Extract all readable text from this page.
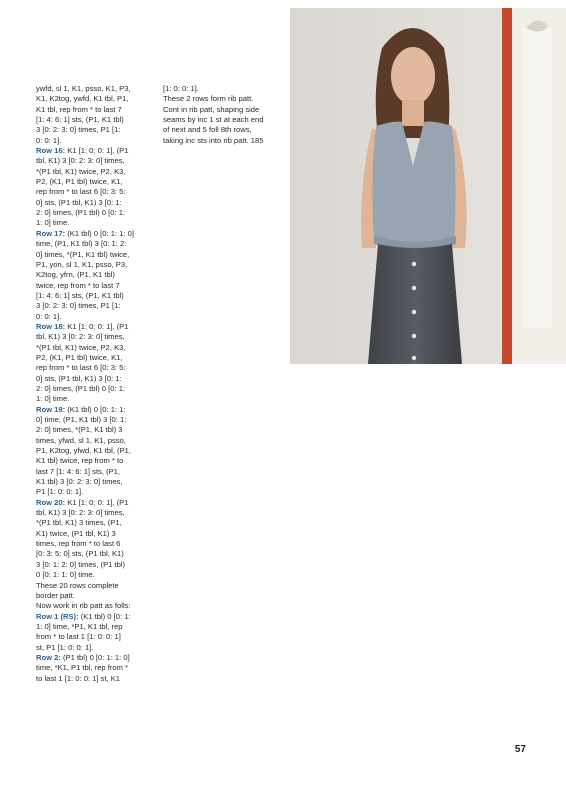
ywfd, sl 1, K1, psso, K1, P3,

K1, K2tog, ywfd, K1 tbl, P1,

K1 tbl, rep from * to last 7

[1: 4: 6: 1] sts, (P1, K1 tbl)

3 [0: 2: 3: 0] times, P1 [1:

0: 0: 1].

Row 16: K1 [1: 0: 0: 1], (P1

tbl, K1) 3 [0: 2: 3: 0] times,

*(P1 tbl, K1) twice, P2, K3,

P2, (K1, P1 tbl) twice, K1,

rep from * to last 6 [0: 3: 5:

0] sts, (P1 tbl, K1) 3 [0: 1:

2: 0] times, (P1 tbl) 0 [0: 1:

1: 0] time.

Row 17: (K1 tbl) 0 [0: 1: 1: 0]

time, (P1, K1 tbl) 3 [0: 1: 2:

0] times, *(P1, K1 tbl) twice,

P1, yon, sl 1, K1, psso, P3,

K2tog, yfrn, (P1, K1 tbl)

twice, rep from * to last 7

[1: 4: 6: 1] sts, (P1, K1 tbl)

3 [0: 2: 3: 0] times, P1 [1:

0: 0: 1].

Row 18: K1 [1: 0: 0: 1], (P1

tbl, K1) 3 [0: 2: 3: 0] times,

*(P1 tbl, K1) twice, P2, K3,

P2, (K1, P1 tbl) twice, K1,

rep from * to last 6 [0: 3: 5:

0] sts, (P1 tbl, K1) 3 [0: 1:

2: 0] times, (P1 tbl) 0 [0: 1:

1: 0] time.

Row 19: (K1 tbl) 0 [0: 1: 1:

0] time, (P1, K1 tbl) 3 [0: 1:

2: 0] times, *(P1, K1 tbl) 3

times, yfwd, sl 1, K1, psso,

P1, K2tog, yfwd, K1 tbl, (P1,

K1 tbl) twice, rep from * to

last 7 [1: 4: 6: 1] sts, (P1,

K1 tbl) 3 [0: 2: 3: 0] times,

P1 [1: 0: 0: 1].

Row 20: K1 [1: 0: 0: 1], (P1

tbl, K1) 3 [0: 2: 3: 0] times,

*(P1 tbl, K1) 3 times, (P1,

K1) twice, (P1 tbl, K1) 3

times, rep from * to last 6

[0: 3: 5: 0] sts, (P1 tbl, K1)

3 [0: 1: 2: 0] times, (P1 tbl)

0 [0: 1: 1: 0] time.

These 20 rows complete

border patt.

Now work in rib patt as folls:

Row 1 (RS): (K1 tbl) 0 [0: 1:

1: 0] time, *P1, K1 tbl, rep

from * to last 1 [1: 0: 0: 1]

st, P1 [1: 0: 0: 1].

Row 2: (P1 tbl) 0 [0: 1: 1: 0]

time, *K1, P1 tbl, rep from *

to last 1 [1: 0: 0: 1] st, K1

[1: 0: 0: 1].

These 2 rows form rib patt.

Cont in rib patt, shaping side

seams by inc 1 st at each end

of next and 5 foll 8th rows,

taking inc sts into rib patt. 185

57
PassionForum.ru
